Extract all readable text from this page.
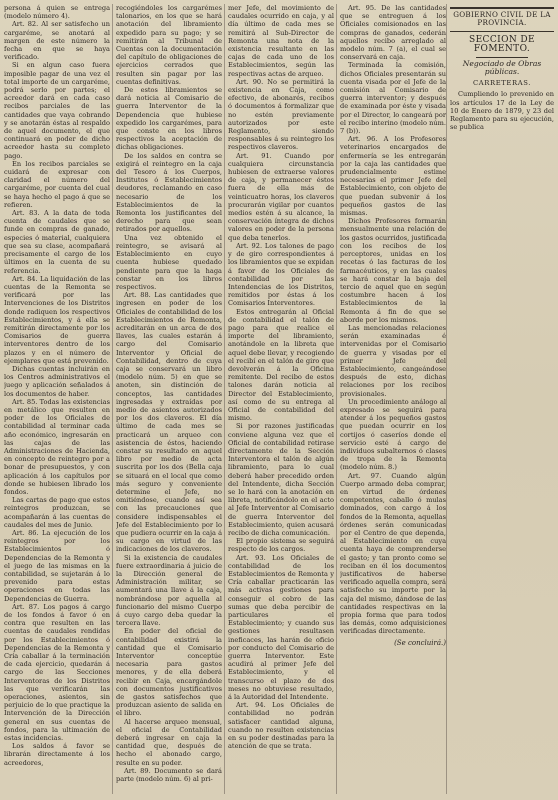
persona á quien se entrega (modelo número 4).

Art. 82. Al ser satisfecho un cargaréme, se anotará al margen de este número la fecha en que se haya verificado.

Si en algun caso fuera imposible pagar de una vez el total importe de un cargaréme, podrá serlo por partes; el acreedor dará en cada caso recibos parciales de las cantidades que vaya cobrando y se anotarán éstas al respaldo de aquel documento, el que continuará en poder de dicho acreedor hasta su completo pago.

En los recibos parciales se cuidará de expresar con claridad el número del cargaréme, por cuenta del cual se haya hecho el pago á que se refieren.

Art. 83. A la data de toda cuenta de caudales que se funde en compras de ganado, especies ó material, cualquiera que sea su clase, acompañará precisamente el cargo de los últimos en la cuenta de su referencia.

Art. 84. La liquidación de las cuentas de la Remonta se verificará por las Intervenciones de los Distritos donde radiquen los respectivos Establecimientos, y á ella se remitirán directamente por los Comisarios de guerra interventores dentro de los plazos y en el número de ejemplares que está prevenido.

Dichas cuentas incluirán en los Centros administrativos el juego y aplicación señalados á los documentos de haber.

Art. 85. Todas las existencias en metálico que resulten en poder de los Oficiales de contabilidad al terminar cada año económico, ingresarán en las cajas de las Administraciones de Hacienda, en concepto de reintegro por a bonar de presupuestos, y con aplicación á los capítulos por donde se hubiesen librado los fondos.

Las cartas de pago que estos reintegros produzcan, se acompañarán á las cuentas de caudales del mes de Junio.

Art. 86. La ejecución de los reintegros por los Establecimientos ó Dependencias de la Remonta y el juego de las mismas en la contabilidad, se sujetarán á lo prevenido para estas operaciones en todas las Dependencias de Guerra.

Art. 87. Los pagos á cargo de los fondos á favor ó en contra que resulten en las cuentas de caudales rendidas por los Establecimientos ó Dependencias de la Remonta y Cría caballar á la terminación de cada ejercicio, quedarán á cargo de las Secciones Interventoras de los Distritos las que verificarán las operaciones, asientos, sin perjuicio de lo que practique la Intervención de la Dirección general en sus cuentas de fondos, para la ultimación de estas incidencias.

Los saldos á favor se librarán directamente á los acreedores,

recogiéndoles los cargarémes talonarios, en los que se hará anotación del libramiento expedido para su pago; y se remitirán al Tribunal de Cuentas con la documentación del capítulo de obligaciones de ejercicios cerrados que resulten sin pagar por las cuentas definitivas.

De estos libramientos se dará noticia al Comisario de guerra Interventor de la Dependencia que hubiese expedido los cargarémes, para que conste en los libros respectivos la aceptación de dichas obligaciones.

De los saldos en contra se exigirá el reintegro en la caja del Tesoro á los Cuerpos, Institutos ó Establecimientos deudores, reclamando en caso necesario de los Establecimientos de la Remonta los justificantes del derecho para que sean retirados por aquellos.

Una vez obtenido el reintegro, se avisará al Establecimiento en cuyo cuenta hubiese quedado pendiente para que la haga constar en los libros respectivos.

Art. 88. Las cantidades que ingresen en poder de los Oficiales de contabilidad de los Establecimientos de Remonta, acreditarán en un arca de dos llaves, las cuales estarán á cargo del Comisario Interventor y Oficial de Contabilidad, dentro de cuya caja se conservará un libro (modelo núm. 5) en que se anoten, sin distinción de conceptos, las cantidades ingresadas y extraídas por medio de asientos autorizados por los dos claveros. El día último de cada mes se practicará un arqueo con asistencia de éstos, haciendo constar su resultado en aquel libro por medio de acta suscrita por los dos (Bella caja se situará en el local que como más seguro y conveniente determine el Jefe, no omitiéndose, cuando así sea con las precauciones que considere indispensables el Jefe del Establecimiento por lo que pudiera ocurrir en la caja á su cargo en virtud de las indicaciones de los claveros.

Si la existencia de caudales fuere extraordinaria á juicio de la Dirección general de Administración militar, se aumentará una llave á la caja, nombrándose por aquella al funcionario del mismo Cuerpo á cuyo cargo deba quedar la tercera llave.

En poder del oficial de contabilidad existirá la cantidad que el Comisario Interventor conceptúe necesaria para gastos menores, y de ella deberá recibir en Caja, encargándole con documentos justificativos de gastos satisfechos que produzcan asiento de salida en el libro.

Al hacerse arqueo mensual, el oficial de Contabilidad deberá ingresar en caja la cantidad que, después de hecho el abonado cargo, resulte en su poder.

Art. 89. Documento se dará parte (modelo núm. 6) al pri-

mer Jefe, del movimiento de caudales ocurrido en caja, y al día último de cada mes se remitirá al Sub-Director de Remonta una nota de la existencia resultante en las cajas de cada uno de los Establecimientos, según las respectivas actas de arqueo.

Art. 90. No se permitirá la existencia en Caja, como efectivo, de abonarés, recibos ó documentos á formalizar que no estén previamente autorizados por este Reglamento, siendo responsables á su reintegro los respectivos claveros.

Art. 91. Cuando por cualquiera circunstancia hubiesen de extraerse valores de caja, y permanecer éstos fuera de ella más de veinticuatro horas, los claveros procurarán vigilar por cuantos medios estén á su alcance, la conservación íntegra de dichos valores en poder de la persona que deba tenerlos.

Art. 92. Los talones de pago y de giro correspondientes á los libramientos que se expidan á favor de los Oficiales de contabilidad por las Intendencias de los Distritos, remitidos por éstas á los Comisarios Interventores.

Estos entregarán al Oficial de contabilidad el talón de pago para que realice el importe del libramiento, anotándole en la libreta que aquel debe llevar, y recogiendo el recibí en el talón de giro que devolverán á la Oficina remitente. Del recibo de estos talones darán noticia al Director del Establecimiento, así como de su entrega al Oficial de contabilidad del mismo.

Si por razones justificadas conviene alguna vez que el Oficial de contabilidad retirase directamente de la Sección Interventora el talón de algún libramiento, para lo cual deberá haber precedido orden del Intendente, dicha Sección se lo hará con la anotación en libreta, notificándolo en el acto al Jefe Interventor al Comisario de guerra Interventor del Establecimiento, quien acusará recibo de dicha comunicación.

El propio sistema se seguirá respecto de los cargos.

Art. 93. Los Oficiales de contabilidad de los Establecimientos de Remonta y Cría caballar practicarán las más activas gestiones para conseguir el cobro de las sumas que deba percibir de particulares el Establecimiento; y cuando sus gestiones resultasen ineficaces, las harán de oficio por conducto del Comisario de guerra Interventor. Este acudirá al primer Jefe del Establecimiento, y el transcurso el plazo de dos meses no obtuviese resultado, á la Autoridad del Intendente.

Art. 94. Los Oficiales de contabilidad no podrán satisfacer cantidad alguna, cuando no resulten existencias en su poder destinadas para la atención de que se trata.

Art. 95. De las cantidades que se entreguen á los Oficiales comisionados en las compras de ganados, cederán aquellos recibo arreglado al modelo núm. 7 (a), el cual se conservará en caja.

Terminada la comisión, dichos Oficiales presentarán su cuenta visada por el Jefe de la comisión al Comisario de guerra interventor; y después de examinada por éste y visada por el Director, lo cangeará por el recibo interino (modelo núm. 7 (b)).

Art. 96. A los Profesores veterinarios encargados de enfermería se les entregarán por la caja las cantidades que prudencialmente estime necesarias el primer Jefe del Establecimiento, con objeto de que puedan subvenir á los pequeños gastos de las mismas.

Dichos Profesores formarán mensualmente una relación de los gastos ocurridos, justificada con los recibos de los perceptores, unidas en los recetas ó las facturas de los farmacéuticos, y en las cuales se hará constar la baja del tercio de aquel que en según costumbre hacen á los Establecimientos de la Remonta á fin de que se aborde por los mismos.

Las mencionadas relaciones serán examinadas é intervenidas por el Comisario de guerra y visadas por el primer Jefe del Establecimiento, cangeándose después de esto, dichas relaciones por los recibos provisionales.

Un procedimiento análogo al expresado se seguirá para atender á los pequeños gastos que puedan ocurrir en los cortijos ó caseríos donde el servicio esté á cargo de individuos subalternos ó clases de tropa de la Remonta (modelo núm. 8.)

Art. 97. Cuando algún Cuerpo armado deba comprar, en virtud de órdenes competentes, caballo ó mulas dominados, con cargo á los fondos de la Remonta, aquellas órdenes serán comunicadas por el Centro de que dependa, al Establecimiento en cuya cuenta haya de comprenderse el gasto; y tan pronto como se reciban en él los documentos justificativos de haberse verificado aquella compra, será satisfecho su importe por la caja del mismo, dándose de las cantidades respectivas en la propia forma que para todos las demás, como adquisiciones verificadas directamente.

(Se concluirá.)
GOBIERNO CIVIL DE LA PROVINCIA.
SECCION DE FOMENTO.
Negociado de Obras públicas.
CARRETERAS.

Cumpliendo lo prevenido en los artículos 17 de la Ley de 10 de Enero de 1879, y 23 del Reglamento para su ejecución, se publica
